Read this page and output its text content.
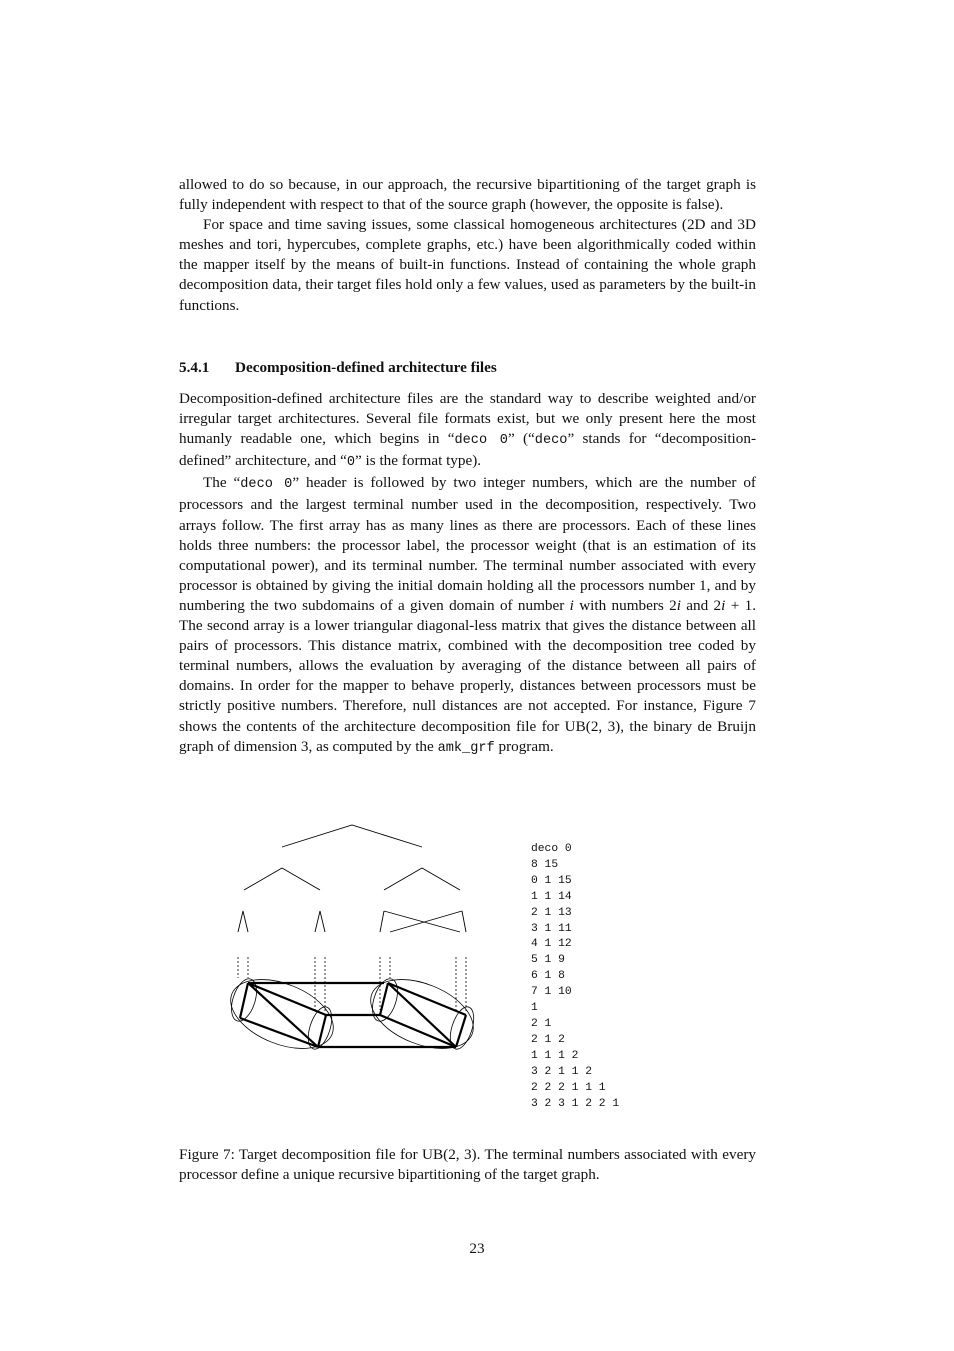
allowed to do so because, in our approach, the recursive bipartitioning of the target graph is fully independent with respect to that of the source graph (however, the opposite is false).

For space and time saving issues, some classical homogeneous architectures (2D and 3D meshes and tori, hypercubes, complete graphs, etc.) have been algorithmically coded within the mapper itself by the means of built-in functions. Instead of containing the whole graph decomposition data, their target files hold only a few values, used as parameters by the built-in functions.

5.4.1 Decomposition-defined architecture files

Decomposition-defined architecture files are the standard way to describe weighted and/or irregular target architectures. Several file formats exist, but we only present here the most humanly readable one, which begins in “deco 0” (“deco” stands for “decomposition-defined” architecture, and “0” is the format type).

The “deco 0” header is followed by two integer numbers, which are the number of processors and the largest terminal number used in the decomposition, respectively. Two arrays follow. The first array has as many lines as there are processors. Each of these lines holds three numbers: the processor label, the processor weight (that is an estimation of its computational power), and its terminal number. The terminal number associated with every processor is obtained by giving the initial domain holding all the processors number 1, and by numbering the two subdomains of a given domain of number i with numbers 2i and 2i + 1. The second array is a lower triangular diagonal-less matrix that gives the distance between all pairs of processors. This distance matrix, combined with the decomposition tree coded by terminal numbers, allows the evaluation by averaging of the distance between all pairs of domains. In order for the mapper to behave properly, distances between processors must be strictly positive numbers. Therefore, null distances are not accepted. For instance, Figure 7 shows the contents of the architecture decomposition file for UB(2, 3), the binary de Bruijn graph of dimension 3, as computed by the amk_grf program.

deco 0
8 15
0 1 15
1 1 14
2 1 13
3 1 11
4 1 12
5 1 9
6 1 8
7 1 10
1
2 1
2 1 2
1 1 1 2
3 2 1 1 2
2 2 2 1 1 1
3 2 3 1 2 2 1
Figure 7: Target decomposition file for UB(2, 3). The terminal numbers associated with every processor define a unique recursive bipartitioning of the target graph.
23
